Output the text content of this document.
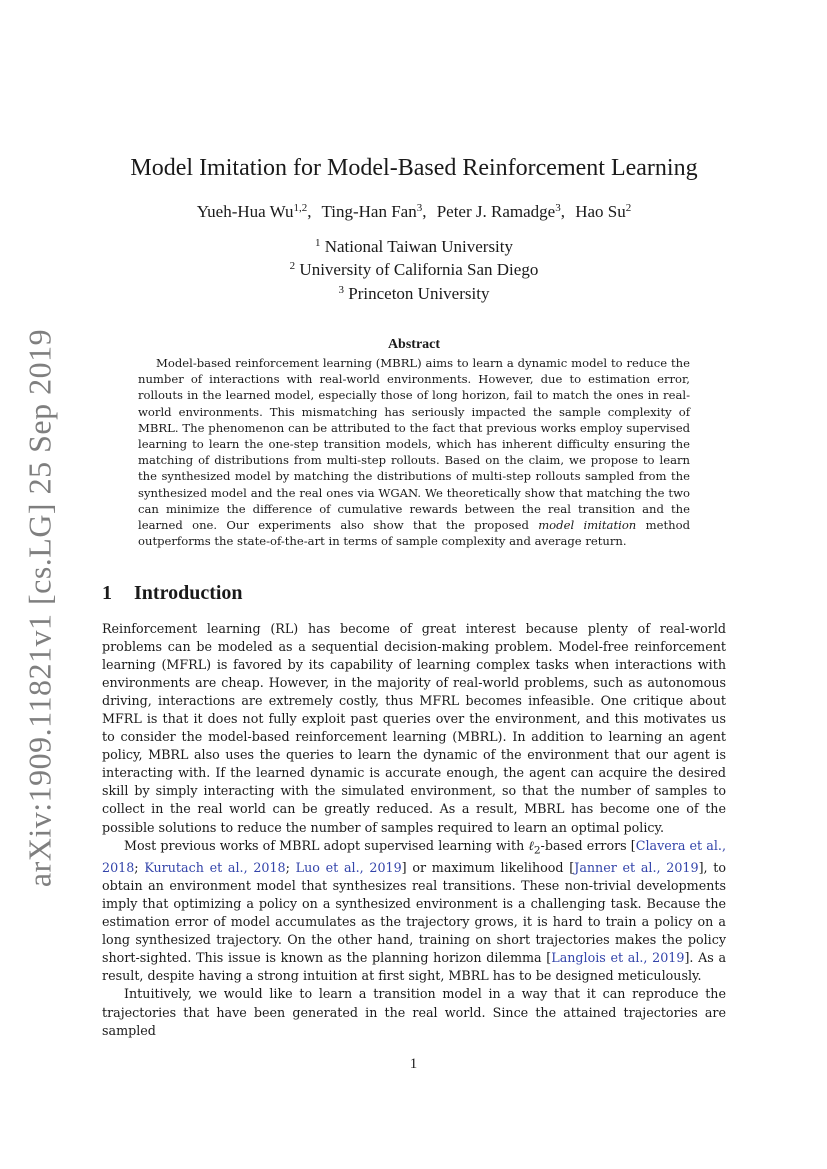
arXiv:1909.11821v1 [cs.LG] 25 Sep 2019
Model Imitation for Model-Based Reinforcement Learning
Yueh-Hua Wu$^{1,2}$, Ting-Han Fan$^3$, Peter J. Ramadge$^3$, Hao Su$^2$
$^1$ National Taiwan University
$^2$ University of California San Diego
$^3$ Princeton University
Abstract

Model-based reinforcement learning (MBRL) aims to learn a dynamic model to reduce the number of interactions with real-world environments. However, due to estimation error, rollouts in the learned model, especially those of long horizon, fail to match the ones in real-world environments. This mismatching has seriously impacted the sample complexity of MBRL. The phenomenon can be attributed to the fact that previous works employ supervised learning to learn the one-step transition models, which has inherent difficulty ensuring the matching of distributions from multi-step rollouts. Based on the claim, we propose to learn the synthesized model by matching the distributions of multi-step rollouts sampled from the synthesized model and the real ones via WGAN. We theoretically show that matching the two can minimize the difference of cumulative rewards between the real transition and the learned one. Our experiments also show that the proposed model imitation method outperforms the state-of-the-art in terms of sample complexity and average return.

1 Introduction

Reinforcement learning (RL) has become of great interest because plenty of real-world problems can be modeled as a sequential decision-making problem. Model-free reinforcement learning (MFRL) is favored by its capability of learning complex tasks when interactions with environments are cheap. However, in the majority of real-world problems, such as autonomous driving, interactions are extremely costly, thus MFRL becomes infeasible. One critique about MFRL is that it does not fully exploit past queries over the environment, and this motivates us to consider the model-based reinforcement learning (MBRL). In addition to learning an agent policy, MBRL also uses the queries to learn the dynamic of the environment that our agent is interacting with. If the learned dynamic is accurate enough, the agent can acquire the desired skill by simply interacting with the simulated environment, so that the number of samples to collect in the real world can be greatly reduced. As a result, MBRL has become one of the possible solutions to reduce the number of samples required to learn an optimal policy.

Most previous works of MBRL adopt supervised learning with ℓ$_2$-based errors [Clavera et al., 2018; Kurutach et al., 2018; Luo et al., 2019] or maximum likelihood [Janner et al., 2019], to obtain an environment model that synthesizes real transitions. These non-trivial developments imply that optimizing a policy on a synthesized environment is a challenging task. Because the estimation error of model accumulates as the trajectory grows, it is hard to train a policy on a long synthesized trajectory. On the other hand, training on short trajectories makes the policy short-sighted. This issue is known as the planning horizon dilemma [Langlois et al., 2019]. As a result, despite having a strong intuition at first sight, MBRL has to be designed meticulously.

Intuitively, we would like to learn a transition model in a way that it can reproduce the trajectories that have been generated in the real world. Since the attained trajectories are sampled

1
